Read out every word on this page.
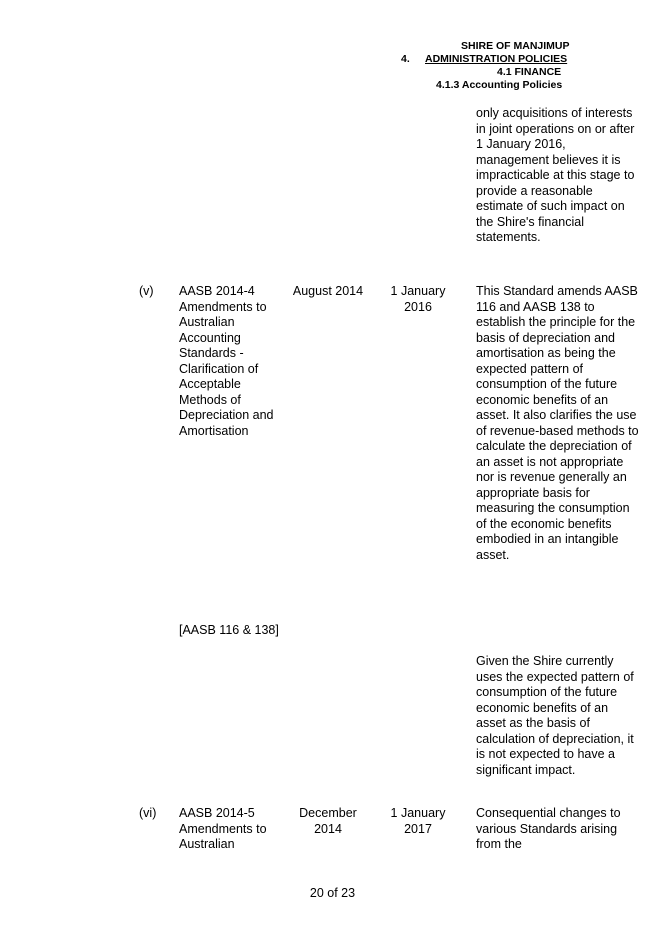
SHIRE OF MANJIMUP
4. ADMINISTRATION POLICIES
4.1 FINANCE
4.1.3 Accounting Policies
only acquisitions of interests in joint operations on or after 1 January 2016, management believes it is impracticable at this stage to provide a reasonable estimate of such impact on the Shire's financial statements.
(v) AASB 2014-4 Amendments to Australian Accounting Standards - Clarification of Acceptable Methods of Depreciation and Amortisation
August 2014	1 January 2016
This Standard amends AASB 116 and AASB 138 to establish the principle for the basis of depreciation and amortisation as being the expected pattern of consumption of the future economic benefits of an asset. It also clarifies the use of revenue-based methods to calculate the depreciation of an asset is not appropriate nor is revenue generally an appropriate basis for measuring the consumption of the economic benefits embodied in an intangible asset.
[AASB 116 & 138]
Given the Shire currently uses the expected pattern of consumption of the future economic benefits of an asset as the basis of calculation of depreciation, it is not expected to have a significant impact.
(vi) AASB 2014-5 Amendments to Australian
December 2014
1 January 2017
Consequential changes to various Standards arising from the
20 of 23
